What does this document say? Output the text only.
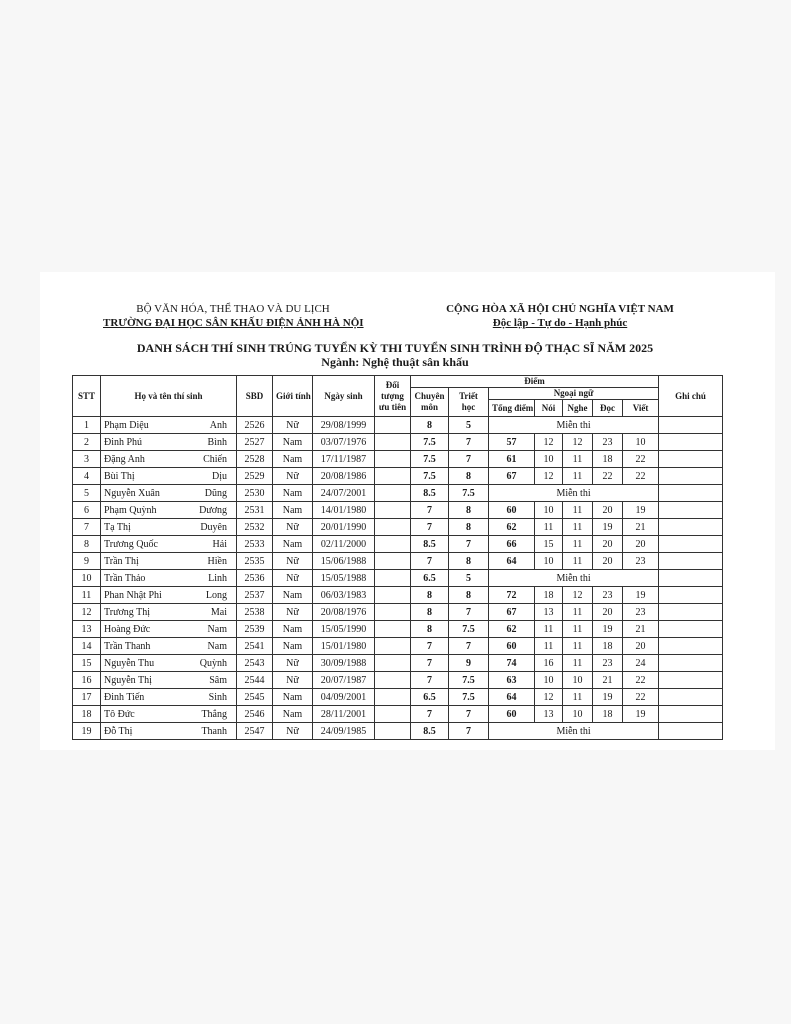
BỘ VĂN HÓA, THỂ THAO VÀ DU LỊCH
TRƯỜNG ĐẠI HỌC SÂN KHẤU ĐIỆN ẢNH HÀ NỘI
CỘNG HÒA XÃ HỘI CHỦ NGHĨA VIỆT NAM
Độc lập - Tự do - Hạnh phúc
DANH SÁCH THÍ SINH TRÚNG TUYỂN KỲ THI TUYỂN SINH TRÌNH ĐỘ THẠC SĨ NĂM 2025
Ngành: Nghệ thuật sân khấu
STT	Họ và tên thí sinh	SBD	Giới tính	Ngày sinh	Đối tượng ưu tiên	Điểm							Ghi chú
						Chuyên môn	Triết học	Ngoại ngữ					
								Tổng điểm	Nói	Nghe	Đọc	Viết	
1	Phạm Diệu Anh	2526	Nữ	29/08/1999		8	5	Miễn thi					
2	Đinh Phú Bình	2527	Nam	03/07/1976		7.5	7	57	12	12	23	10	
3	Đặng Anh Chiến	2528	Nam	17/11/1987		7.5	7	61	10	11	18	22	
4	Bùi Thị Dịu	2529	Nữ	20/08/1986		7.5	8	67	12	11	22	22	
5	Nguyễn Xuân Dũng	2530	Nam	24/07/2001		8.5	7.5	Miễn thi					
6	Phạm Quỳnh Dương	2531	Nam	14/01/1980		7	8	60	10	11	20	19	
7	Tạ Thị Duyên	2532	Nữ	20/01/1990		7	8	62	11	11	19	21	
8	Trương Quốc Hải	2533	Nam	02/11/2000		8.5	7	66	15	11	20	20	
9	Trần Thị Hiền	2535	Nữ	15/06/1988		7	8	64	10	11	20	23	
10	Trần Thảo Linh	2536	Nữ	15/05/1988		6.5	5	Miễn thi					
11	Phan Nhật Phi Long	2537	Nam	06/03/1983		8	8	72	18	12	23	19	
12	Trương Thị Mai	2538	Nữ	20/08/1976		8	7	67	13	11	20	23	
13	Hoàng Đức Nam	2539	Nam	15/05/1990		8	7.5	62	11	11	19	21	
14	Trần Thanh Nam	2541	Nam	15/01/1980		7	7	60	11	11	18	20	
15	Nguyễn Thu Quỳnh	2543	Nữ	30/09/1988		7	9	74	16	11	23	24	
16	Nguyễn Thị Sâm	2544	Nữ	20/07/1987		7	7.5	63	10	10	21	22	
17	Đinh Tiến Sinh	2545	Nam	04/09/2001		6.5	7.5	64	12	11	19	22	
18	Tô Đức Thắng	2546	Nam	28/11/2001		7	7	60	13	10	18	19	
19	Đỗ Thị Thanh	2547	Nữ	24/09/1985		8.5	7	Miễn thi					
